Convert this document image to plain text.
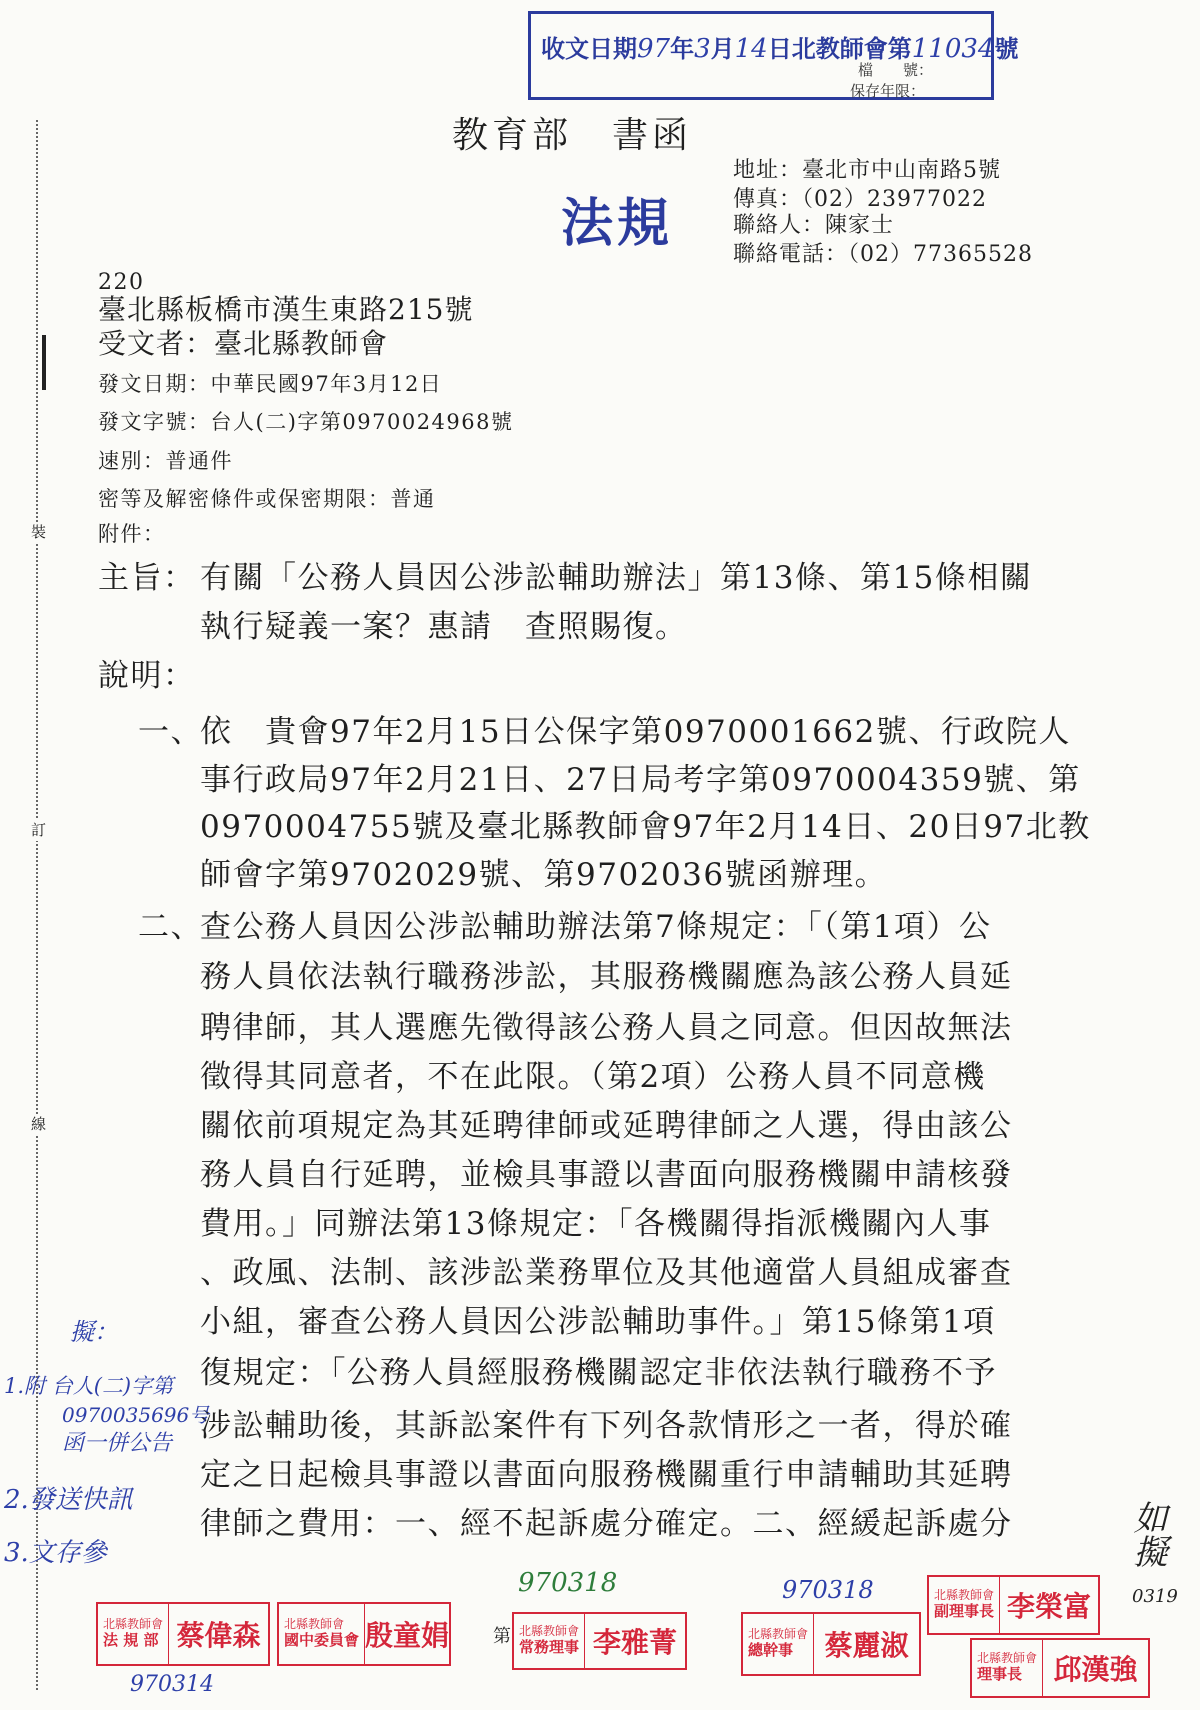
裝
訂
線
收文日期97年3月14日北教師會第11034號
檔　　號：
保存年限：
教育部　書函
法規
地址：臺北市中山南路5號
傳真：（02）23977022
聯絡人：陳家士
聯絡電話：（02）77365528
220
臺北縣板橋市漢生東路215號
受文者：臺北縣教師會
發文日期：中華民國97年3月12日
發文字號：台人(二)字第0970024968號
速別：普通件
密等及解密條件或保密期限：普通
附件：
主旨： 有關「公務人員因公涉訟輔助辦法」第13條、第15條相關
執行疑義一案？惠請　查照賜復。
說明：
一、
依　貴會97年2月15日公保字第0970001662號、行政院人
事行政局97年2月21日、27日局考字第0970004359號、第
0970004755號及臺北縣教師會97年2月14日、20日97北教
師會字第9702029號、第9702036號函辦理。
二、
查公務人員因公涉訟輔助辦法第7條規定：「（第1項）公
務人員依法執行職務涉訟，其服務機關應為該公務人員延
聘律師，其人選應先徵得該公務人員之同意。但因故無法
徵得其同意者，不在此限。（第2項）公務人員不同意機
關依前項規定為其延聘律師或延聘律師之人選，得由該公
務人員自行延聘，並檢具事證以書面向服務機關申請核發
費用。」同辦法第13條規定：「各機關得指派機關內人事
、政風、法制、該涉訟業務單位及其他適當人員組成審查
小組，審查公務人員因公涉訟輔助事件。」第15條第1項
復規定：「公務人員經服務機關認定非依法執行職務不予
涉訟輔助後，其訴訟案件有下列各款情形之一者，得於確
定之日起檢具事證以書面向服務機關重行申請輔助其延聘
律師之費用：一、經不起訴處分確定。二、經緩起訴處分
擬：
1.附 台人(二)字第
0970035696号
函一併公告
2.發送快訊
3.文存參	如擬
0319
第
970314
970318	970318
北縣教師會
法 規 部 蔡偉森	北縣教師會
國中委員會 殷童娟	北縣教師會
常務理事 李雅菁	北縣教師會
總幹事	蔡麗淑
北縣教師會
副理事長 李榮富
北縣教師會
理事長	邱漢強
